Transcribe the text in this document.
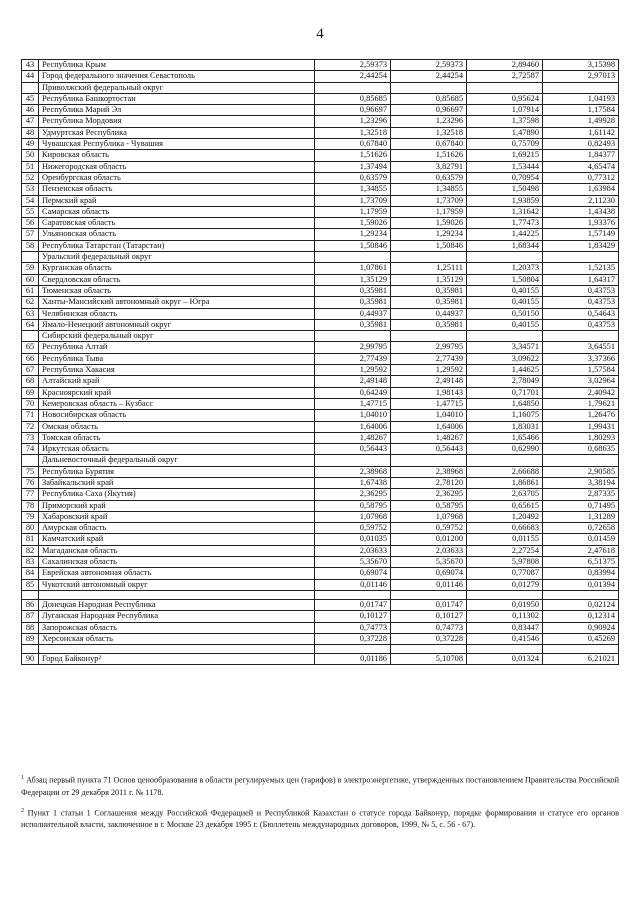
4
43	Республика Крым	2,59373	2,59373	2,89460	3,15398
44	Город федерального значения Севастополь	2,44254	2,44254	2,72587	2,97013
	Приволжский федеральный округ				
45	Республика Башкортостан	0,85685	0,85685	0,95624	1,04193
46	Республика Марий Эл	0,96697	0,96697	1,07914	1,17584
47	Республика Мордовия	1,23296	1,23296	1,37598	1,49928
48	Удмуртская Республика	1,32518	1,32518	1,47890	1,61142
49	Чувашская Республика - Чувашия	0,67840	0,67840	0,75709	0,82493
50	Кировская область	1,51626	1,51626	1,69215	1,84377
51	Нижегородская область	1,37494	3,82791	1,53444	4,65474
52	Оренбургская область	0,63579	0,63579	0,70954	0,77312
53	Пензенская область	1,34855	1,34855	1,50498	1,63984
54	Пермский край	1,73709	1,73709	1,93859	2,11230
55	Самарская область	1,17959	1,17959	1,31642	1,43438
56	Саратовская область	1,59026	1,59026	1,77473	1,93376
57	Ульяновская область	1,29234	1,29234	1,44225	1,57149
58	Республика Татарстан (Татарстан)	1,50846	1,50846	1,68344	1,83429
	Уральский федеральный округ				
59	Курганская область	1,07861	1,25111	1,20373	1,52135
60	Свердловская область	1,35129	1,35129	1,50804	1,64317
61	Тюменская область	0,35981	0,35981	0,40155	0,43753
62	Ханты-Мансийский автономный округ – Югра	0,35981	0,35981	0,40155	0,43753
63	Челябинская область	0,44937	0,44937	0,50150	0,54643
64	Ямало-Ненецкий автономный округ	0,35981	0,35981	0,40155	0,43753
	Сибирский федеральный округ				
65	Республика Алтай	2,99795	2,99795	3,34571	3,64551
66	Республика Тыва	2,77439	2,77439	3,09622	3,37366
67	Республика Хакасия	1,29592	1,29592	1,44625	1,57584
68	Алтайский край	2,49148	2,49148	2,78049	3,02964
69	Красноярский край	0,64249	1,98143	0,71701	2,40942
70	Кемеровская область – Кузбасс	1,47715	1,47715	1,64850	1,79621
71	Новосибирская область	1,04010	1,04010	1,16075	1,26476
72	Омская область	1,64006	1,64006	1,83031	1,99431
73	Томская область	1,48267	1,48267	1,65466	1,80293
74	Иркутская область	0,56443	0,56443	0,62990	0,68635
	Дальневосточный федеральный округ				
75	Республика Бурятия	2,38968	2,38968	2,66688	2,90585
76	Забайкальский край	1,67438	2,78120	1,86861	3,38194
77	Республика Саха (Якутия)	2,36295	2,36295	2,63705	2,87335
78	Приморский край	0,58795	0,58795	0,65615	0,71495
79	Хабаровский край	1,07968	1,07968	1,20492	1,31289
80	Амурская область	0,59752	0,59752	0,66683	0,72658
81	Камчатский край	0,01035	0,01200	0,01155	0,01459
82	Магаданская область	2,03633	2,03633	2,27254	2,47618
83	Сахалинская область	5,35670	5,35670	5,97808	6,51375
84	Еврейская автономная область	0,69074	0,69074	0,77087	0,83994
85	Чукотский автономный округ	0,01146	0,01146	0,01279	0,01394

86	Донецкая Народная Республика	0,01747	0,01747	0,01950	0,02124
87	Луганская Народная Республика	0,10127	0,10127	0,11302	0,12314
88	Запорожская область	0,74773	0,74773	0,83447	0,90924
89	Херсонская область	0,37228	0,37228	0,41546	0,45269

90	Город Байконур²	0,01186	5,10708	0,01324	6,21021

$^1$ Абзац первый пункта 71 Основ ценообразования в области регулируемых цен (тарифов) в электроэнергетике, утвержденных постановлением Правительства Российской Федерации от 29 декабря 2011 г. № 1178.

$^2$ Пункт 1 статьи 1 Соглашения между Российской Федерацией и Республикой Казахстан о статусе города Байконур, порядке формирования и статусе его органов исполнительной власти, заключенное в г. Москве 23 декабря 1995 г. (Бюллетень международных договоров, 1999, № 5, с. 56 - 67).
